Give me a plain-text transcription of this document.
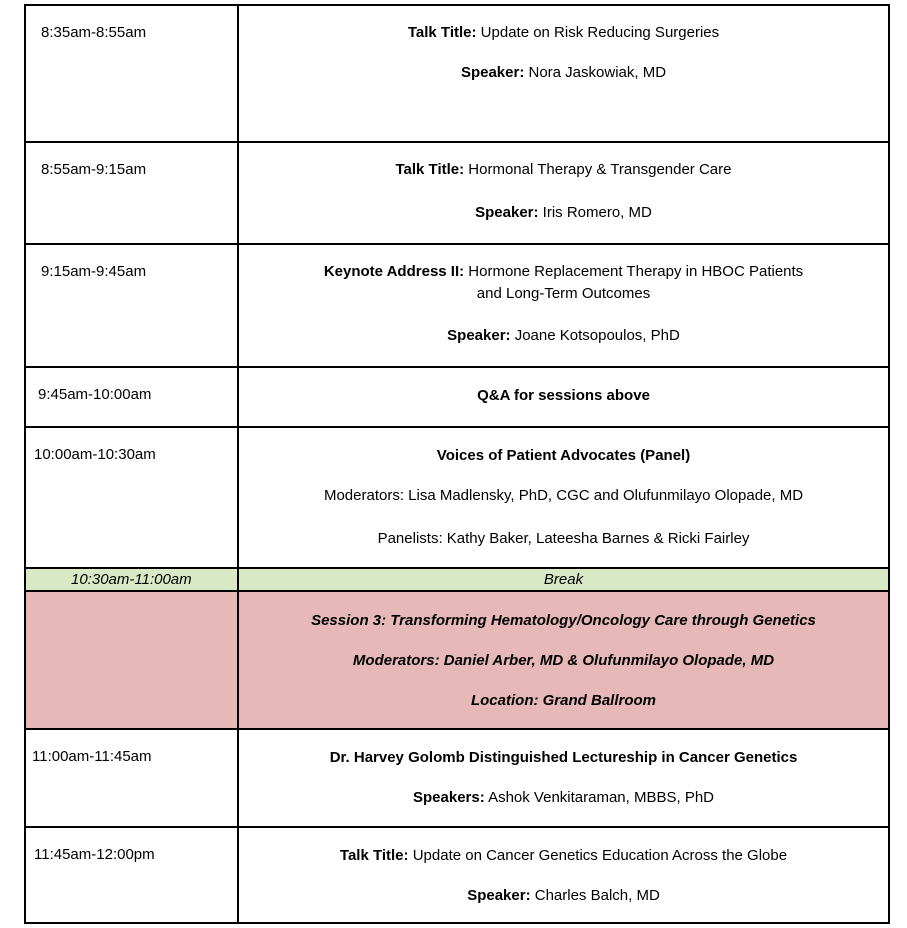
8:35am-8:55am	Talk Title: Update on Risk Reducing Surgeries
Speaker: Nora Jaskowiak, MD

8:55am-9:15am	Talk Title: Hormonal Therapy & Transgender Care
Speaker: Iris Romero, MD

9:15am-9:45am	Keynote Address II: Hormone Replacement Therapy in HBOC Patients
and Long-Term Outcomes
Speaker: Joane Kotsopoulos, PhD

9:45am-10:00am	Q&A for sessions above

10:00am-10:30am	Voices of Patient Advocates (Panel)
Moderators: Lisa Madlensky, PhD, CGC and Olufunmilayo Olopade, MD
Panelists: Kathy Baker, Lateesha Barnes & Ricki Fairley

10:30am-11:00am	Break

	Session 3: Transforming Hematology/Oncology Care through Genetics
Moderators: Daniel Arber, MD & Olufunmilayo Olopade, MD
Location: Grand Ballroom

11:00am-11:45am	Dr. Harvey Golomb Distinguished Lectureship in Cancer Genetics
Speakers: Ashok Venkitaraman, MBBS, PhD

11:45am-12:00pm	Talk Title: Update on Cancer Genetics Education Across the Globe
Speaker: Charles Balch, MD
